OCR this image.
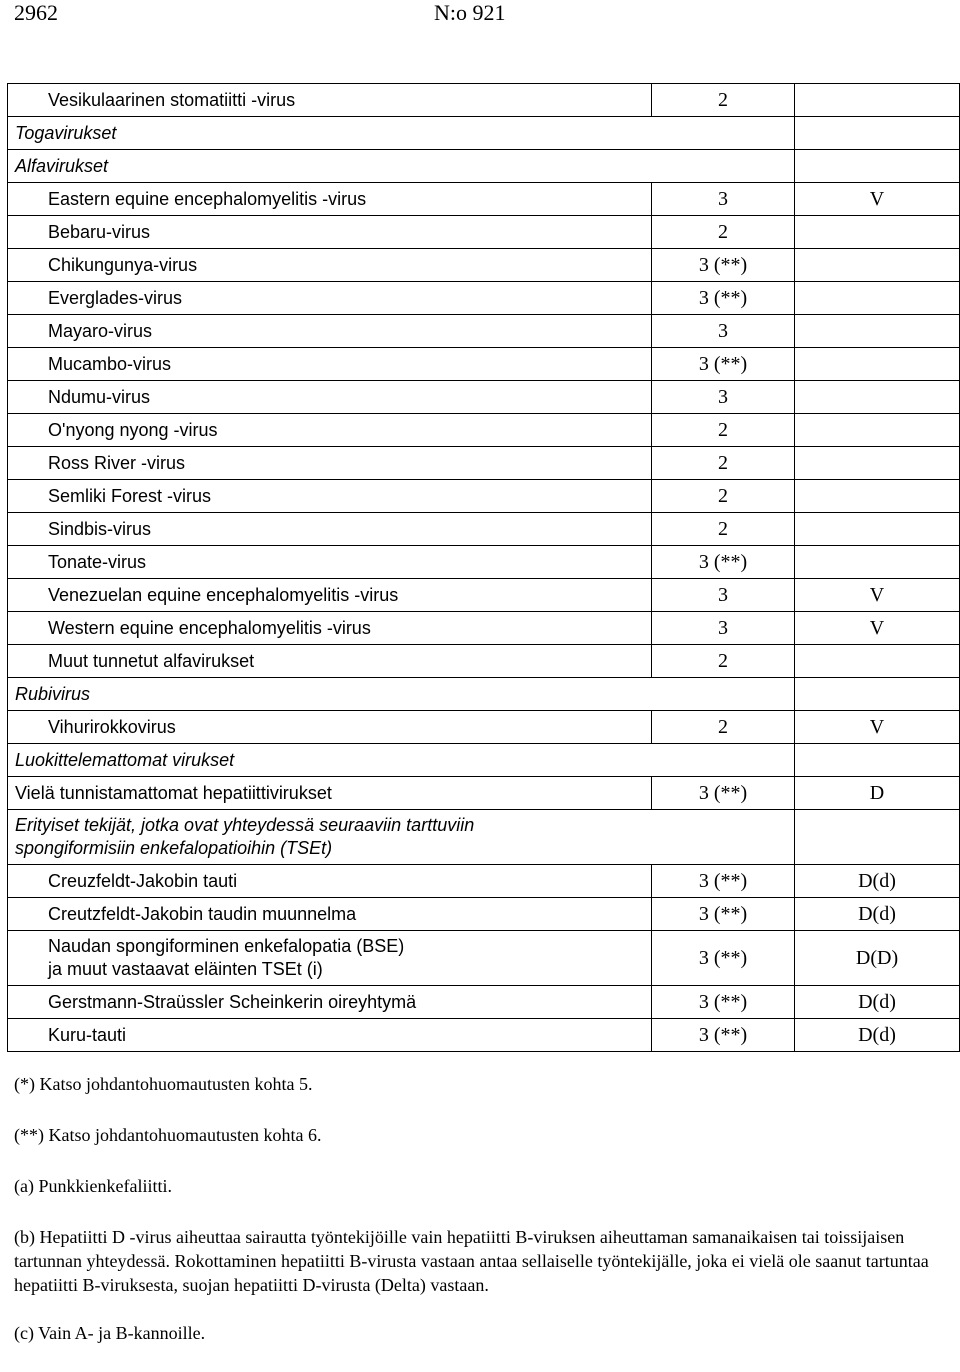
2962	N:o 921
Vesikulaarinen stomatiitti -virus	2	
Togavirukset		
Alfavirukset		
Eastern equine encephalomyelitis -virus	3	V
Bebaru-virus	2	
Chikungunya-virus	3 (**)	
Everglades-virus	3 (**)	
Mayaro-virus	3	
Mucambo-virus	3 (**)	
Ndumu-virus	3	
O'nyong nyong -virus	2	
Ross River -virus	2	
Semliki Forest -virus	2	
Sindbis-virus	2	
Tonate-virus	3 (**)	
Venezuelan equine encephalomyelitis -virus	3	V
Western equine encephalomyelitis -virus	3	V
Muut tunnetut alfavirukset	2	
Rubivirus		
Vihurirokkovirus	2	V
Luokittelemattomat virukset		
Vielä tunnistamattomat hepatiittivirukset	3 (**)	D

Erityiset tekijät, jotka ovat yhteydessä seuraaviin tarttuviin
spongiformisiin enkefalopatioihin (TSEt)		

Creuzfeldt-Jakobin tauti	3 (**)	D(d)
Creutzfeldt-Jakobin taudin muunnelma	3 (**)	D(d)

Naudan spongiforminen enkefalopatia (BSE)
ja muut vastaavat eläinten TSEt (i)	3 (**)	D(D)
Gerstmann-Straüssler Scheinkerin oireyhtymä	3 (**)	D(d)
Kuru-tauti	3 (**)	D(d)

(*) Katso johdantohuomautusten kohta 5.

(**) Katso johdantohuomautusten kohta 6.

(a) Punkkienkefaliitti.

(b) Hepatiitti D -virus aiheuttaa sairautta työntekijöille vain hepatiitti B-viruksen aiheuttaman samanaikaisen tai toissijaisen tartunnan yhteydessä. Rokottaminen hepatiitti B-virusta vastaan antaa sellaiselle työntekijälle, joka ei vielä ole saanut tartuntaa hepatiitti B-viruksesta, suojan hepatiitti D-virusta (Delta) vastaan.

(c) Vain A- ja B-kannoille.
